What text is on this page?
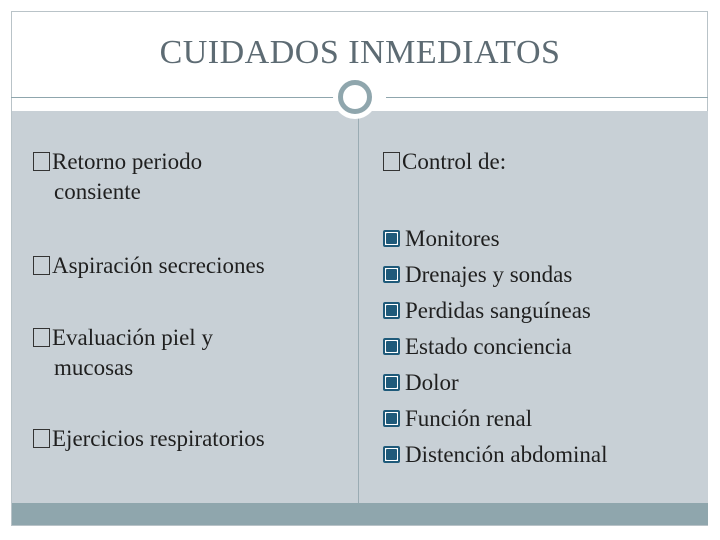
CUIDADOS INMEDIATOS
Retorno periodo
consiente
Aspiración secreciones
Evaluación piel y
mucosas
Ejercicios respiratorios
Control de:
Monitores
Drenajes y sondas
Perdidas sanguíneas
Estado conciencia
Dolor
Función renal
Distención abdominal
